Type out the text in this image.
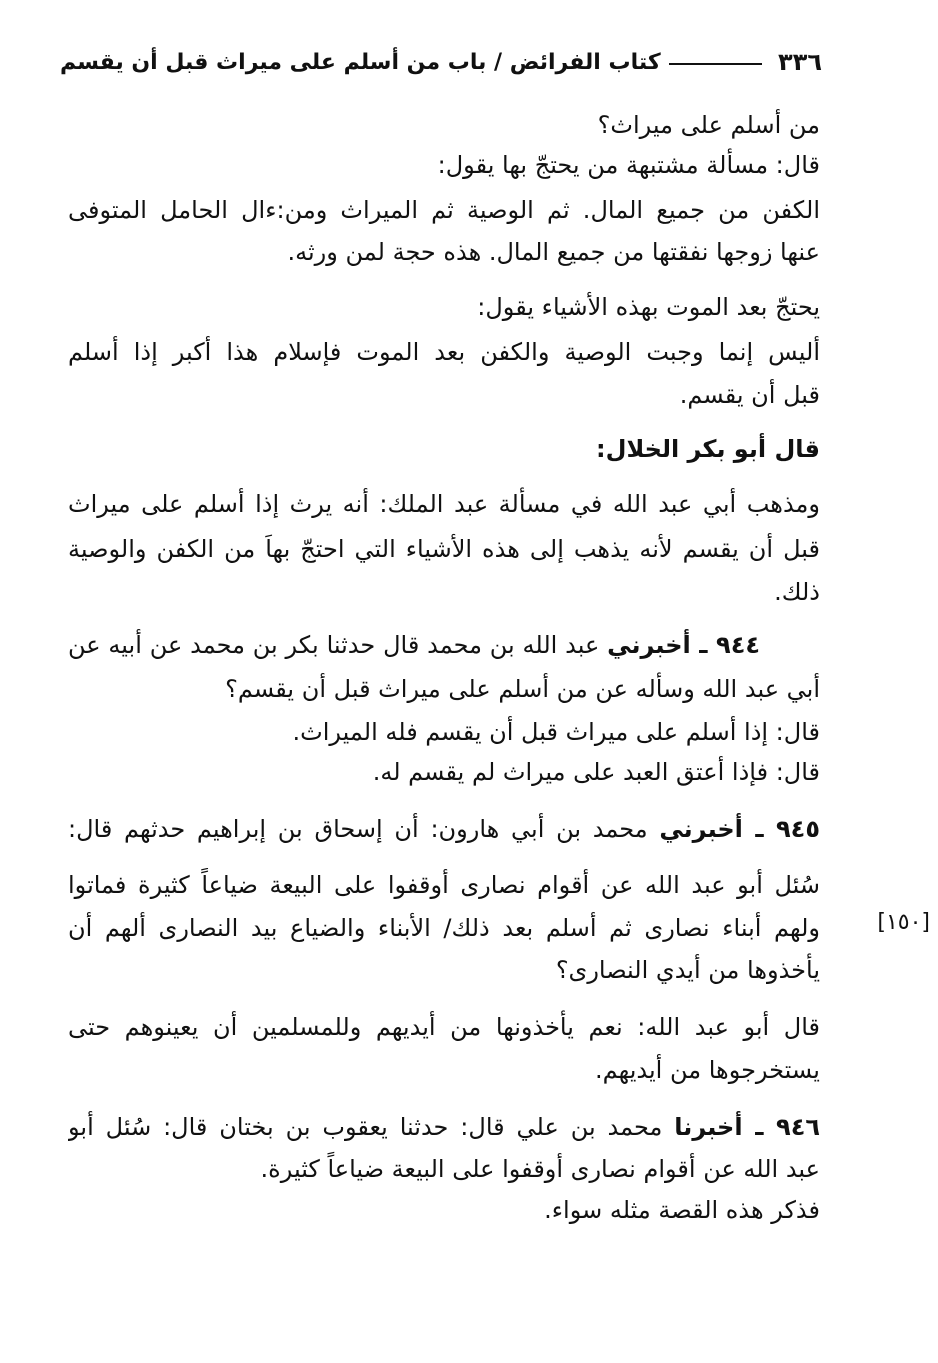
٣٣٦
كتاب الفرائض / باب من أسلم على ميراث قبل أن يقسم
من أسلم على ميراث؟
قال: مسألة مشتبهة من يحتجّ بها يقول:
الكفن من جميع المال. ثم الوصية ثم الميراث ومن:ءال الحامل المتوفى
عنها زوجها نفقتها من جميع المال. هذه حجة لمن ورثه.
يحتجّ بعد الموت بهذه الأشياء يقول:
أليس إنما وجبت الوصية والكفن بعد الموت فإسلام هذا أكبر إذا أسلم
قبل أن يقسم.
قال أبو بكر الخلال:
ومذهب أبي عبد الله في مسألة عبد الملك: أنه يرث إذا أسلم على ميراث
قبل أن يقسم لأنه يذهب إلى هذه الأشياء التي احتجّ بهاَ من الكفن والوصية
ذلك.
٩٤٤ ـ أخبرني عبد الله بن محمد قال حدثنا بكر بن محمد عن أبيه عن
أبي عبد الله وسأله عن من أسلم على ميراث قبل أن يقسم؟
قال: إذا أسلم على ميراث قبل أن يقسم فله الميراث.
قال: فإذا أعتق العبد على ميراث لم يقسم له.
٩٤٥ ـ أخبرني محمد بن أبي هارون: أن إسحاق بن إبراهيم حدثهم قال:
سُئل أبو عبد الله عن أقوام نصارى أوقفوا على البيعة ضياعاً كثيرة فماتوا
ولهم أبناء نصارى ثم أسلم بعد ذلك/ الأبناء والضياع بيد النصارى ألهم أن	[١٥٠]
يأخذوها من أيدي النصارى؟
قال أبو عبد الله: نعم يأخذونها من أيديهم وللمسلمين أن يعينوهم حتى
يستخرجوها من أيديهم.
٩٤٦ ـ أخبرنا محمد بن علي قال: حدثنا يعقوب بن بختان قال: سُئل أبو
عبد الله عن أقوام نصارى أوقفوا على البيعة ضياعاً كثيرة.
فذكر هذه القصة مثله سواء.
